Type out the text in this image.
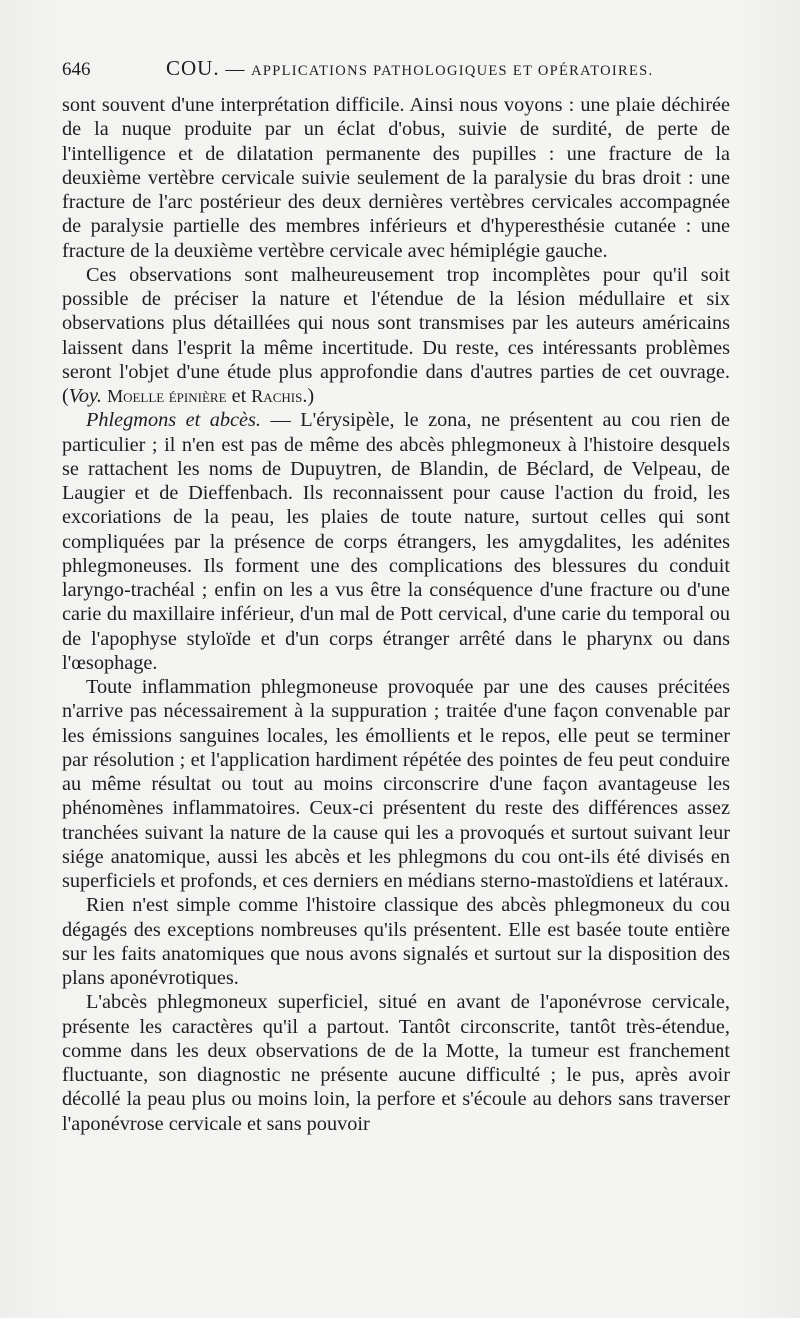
646	COU. — APPLICATIONS PATHOLOGIQUES ET OPÉRATOIRES.

sont souvent d'une interprétation difficile. Ainsi nous voyons : une plaie déchirée de la nuque produite par un éclat d'obus, suivie de surdité, de perte de l'intelligence et de dilatation permanente des pupilles : une fracture de la deuxième vertèbre cervicale suivie seulement de la paralysie du bras droit : une fracture de l'arc postérieur des deux dernières vertèbres cervicales accompagnée de paralysie partielle des membres inférieurs et d'hyperesthésie cutanée : une fracture de la deuxième vertèbre cervicale avec hémiplégie gauche.

Ces observations sont malheureusement trop incomplètes pour qu'il soit possible de préciser la nature et l'étendue de la lésion médullaire et six observations plus détaillées qui nous sont transmises par les auteurs américains laissent dans l'esprit la même incertitude. Du reste, ces intéressants problèmes seront l'objet d'une étude plus approfondie dans d'autres parties de cet ouvrage. (Voy. Moelle épinière et Rachis.)

Phlegmons et abcès. — L'érysipèle, le zona, ne présentent au cou rien de particulier ; il n'en est pas de même des abcès phlegmoneux à l'histoire desquels se rattachent les noms de Dupuytren, de Blandin, de Béclard, de Velpeau, de Laugier et de Dieffenbach. Ils reconnaissent pour cause l'action du froid, les excoriations de la peau, les plaies de toute nature, surtout celles qui sont compliquées par la présence de corps étrangers, les amygdalites, les adénites phlegmoneuses. Ils forment une des complications des blessures du conduit laryngo-trachéal ; enfin on les a vus être la conséquence d'une fracture ou d'une carie du maxillaire inférieur, d'un mal de Pott cervical, d'une carie du temporal ou de l'apophyse styloïde et d'un corps étranger arrêté dans le pharynx ou dans l'œsophage.

Toute inflammation phlegmoneuse provoquée par une des causes précitées n'arrive pas nécessairement à la suppuration ; traitée d'une façon convenable par les émissions sanguines locales, les émollients et le repos, elle peut se terminer par résolution ; et l'application hardiment répétée des pointes de feu peut conduire au même résultat ou tout au moins circonscrire d'une façon avantageuse les phénomènes inflammatoires. Ceux-ci présentent du reste des différences assez tranchées suivant la nature de la cause qui les a provoqués et surtout suivant leur siége anatomique, aussi les abcès et les phlegmons du cou ont-ils été divisés en superficiels et profonds, et ces derniers en médians sterno-mastoïdiens et latéraux.

Rien n'est simple comme l'histoire classique des abcès phlegmoneux du cou dégagés des exceptions nombreuses qu'ils présentent. Elle est basée toute entière sur les faits anatomiques que nous avons signalés et surtout sur la disposition des plans aponévrotiques.

L'abcès phlegmoneux superficiel, situé en avant de l'aponévrose cervicale, présente les caractères qu'il a partout. Tantôt circonscrite, tantôt très-étendue, comme dans les deux observations de de la Motte, la tumeur est franchement fluctuante, son diagnostic ne présente aucune difficulté ; le pus, après avoir décollé la peau plus ou moins loin, la perfore et s'écoule au dehors sans traverser l'aponévrose cervicale et sans pouvoir
